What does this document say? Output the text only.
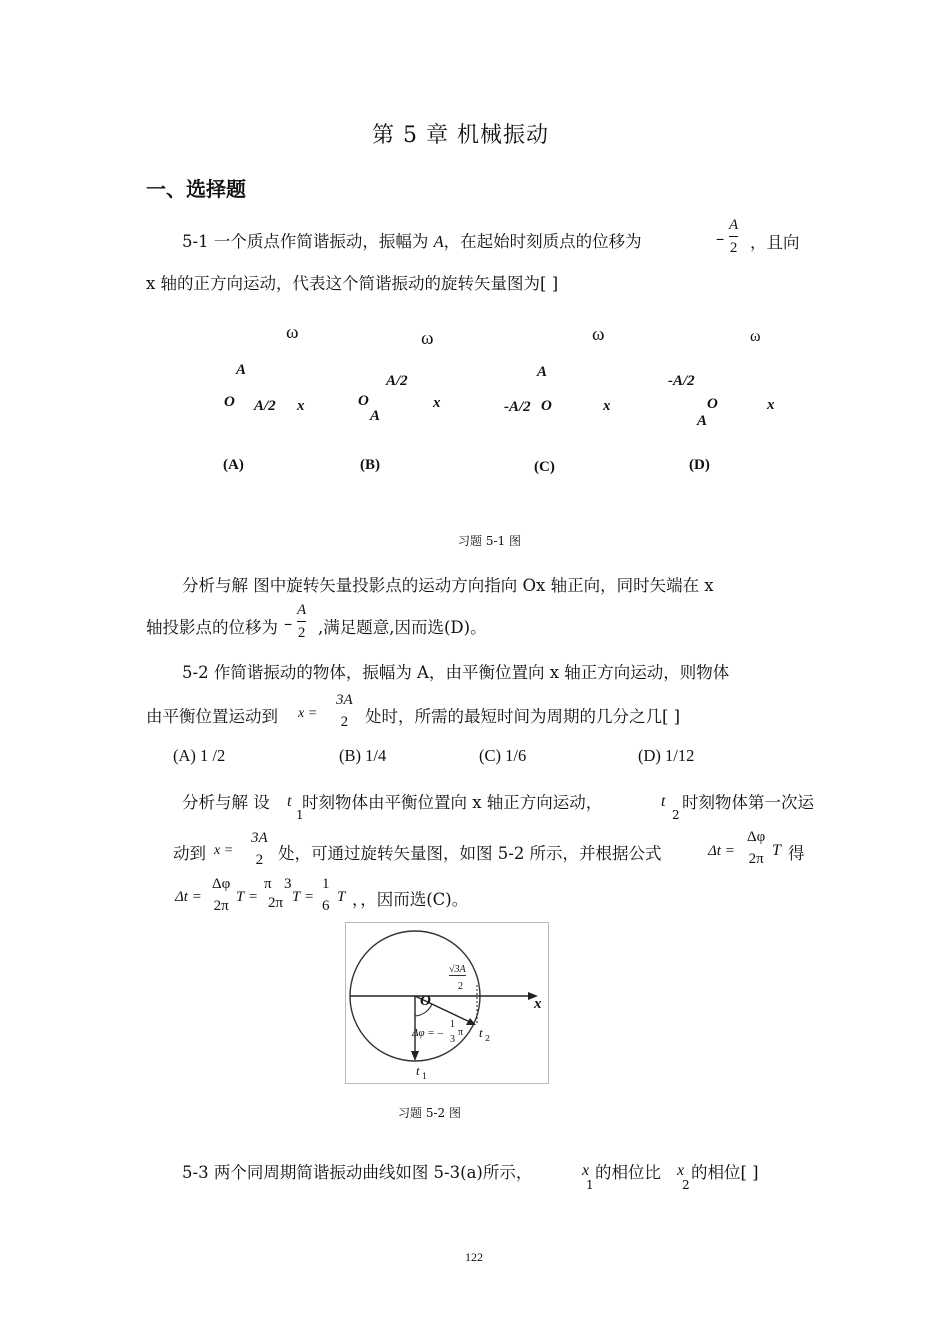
第 5 章 机械振动
一、选择题
5-1 一个质点作简谐振动，振幅为 A，在起始时刻质点的位移为	– $\frac{A}{2}$ ，且向
x 轴的正方向运动，代表这个简谐振动的旋转矢量图为[ ]
ω	ω	ω	ω
A
O A/2 x
(A)
A/2
O
A
x
(B)
A
-A/2 O	x
(C)
-A/2
O
A
x
(D)
习题 5-1 图
分析与解 图中旋转矢量投影点的运动方向指向 Ox 轴正向，同时矢端在 x
轴投影点的位移为 – $\frac{A}{2}$ ,满足题意,因而选(D)。
5-2 作简谐振动的物体，振幅为 A，由平衡位置向 x 轴正方向运动，则物体
由平衡位置运动到 x =
3A
2 处时，所需的最短时间为周期的几分之几[ ]
(A) 1 /2	(B) 1/4	(C) 1/6	(D) 1/12
分析与解 设 t
1
时刻物体由平衡位置向 x 轴正方向运动，	t
2
时刻物体第一次运
动到 x =
3A
2 处，可通过旋转矢量图，如图 5-2 所示，并根据公式	Δt =
Δφ
2π T 得
Δt =
Δφ
2π
T =
π
2π
3
T =
1
6
T ，，因而选(C)。
√3A
2
x
O
Δφ = –
1
3
π
t 1
t 2
习题 5-2 图
5-3 两个同周期简谐振动曲线如图 5-3(a)所示，	x
1
的相位比 x
2
的相位[ ]
122
